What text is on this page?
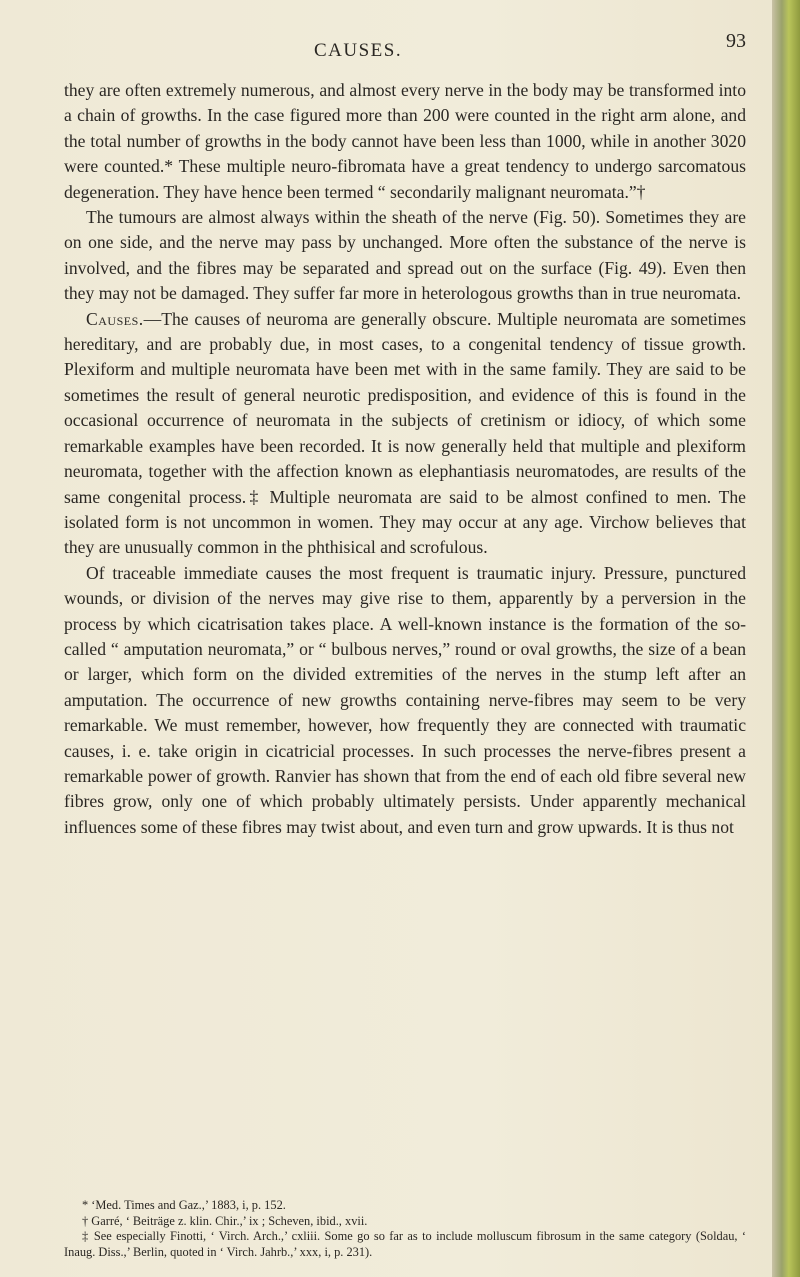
CAUSES.	93

they are often extremely numerous, and almost every nerve in the body may be transformed into a chain of growths. In the case figured more than 200 were counted in the right arm alone, and the total number of growths in the body cannot have been less than 1000, while in another 3020 were counted.* These multiple neuro-fibromata have a great tendency to undergo sarcomatous degeneration. They have hence been termed “ secondarily malignant neuromata.”†

The tumours are almost always within the sheath of the nerve (Fig. 50). Sometimes they are on one side, and the nerve may pass by unchanged. More often the substance of the nerve is involved, and the fibres may be separated and spread out on the surface (Fig. 49). Even then they may not be damaged. They suffer far more in heterologous growths than in true neuromata.

Causes.—The causes of neuroma are generally obscure. Multiple neuromata are sometimes hereditary, and are probably due, in most cases, to a congenital tendency of tissue growth. Plexiform and multiple neuromata have been met with in the same family. They are said to be sometimes the result of general neurotic predisposition, and evidence of this is found in the occasional occurrence of neuromata in the subjects of cretinism or idiocy, of which some remarkable examples have been recorded. It is now generally held that multiple and plexiform neuromata, together with the affection known as elephantiasis neuromatodes, are results of the same congenital process.‡ Multiple neuromata are said to be almost confined to men. The isolated form is not uncommon in women. They may occur at any age. Virchow believes that they are unusually common in the phthisical and scrofulous.

Of traceable immediate causes the most frequent is traumatic injury. Pressure, punctured wounds, or division of the nerves may give rise to them, apparently by a perversion in the process by which cicatrisation takes place. A well-known instance is the formation of the so-called “ amputation neuromata,” or “ bulbous nerves,” round or oval growths, the size of a bean or larger, which form on the divided extremities of the nerves in the stump left after an amputation. The occurrence of new growths containing nerve-fibres may seem to be very remarkable. We must remember, however, how frequently they are connected with traumatic causes, i. e. take origin in cicatricial processes. In such processes the nerve-fibres present a remarkable power of growth. Ranvier has shown that from the end of each old fibre several new fibres grow, only one of which probably ultimately persists. Under apparently mechanical influences some of these fibres may twist about, and even turn and grow upwards. It is thus not

* ‘Med. Times and Gaz.,’ 1883, i, p. 152.

† Garré, ‘ Beiträge z. klin. Chir.,’ ix ; Scheven, ibid., xvii.

‡ See especially Finotti, ‘ Virch. Arch.,’ cxliii. Some go so far as to include molluscum fibrosum in the same category (Soldau, ‘ Inaug. Diss.,’ Berlin, quoted in ‘ Virch. Jahrb.,’ xxx, i, p. 231).
